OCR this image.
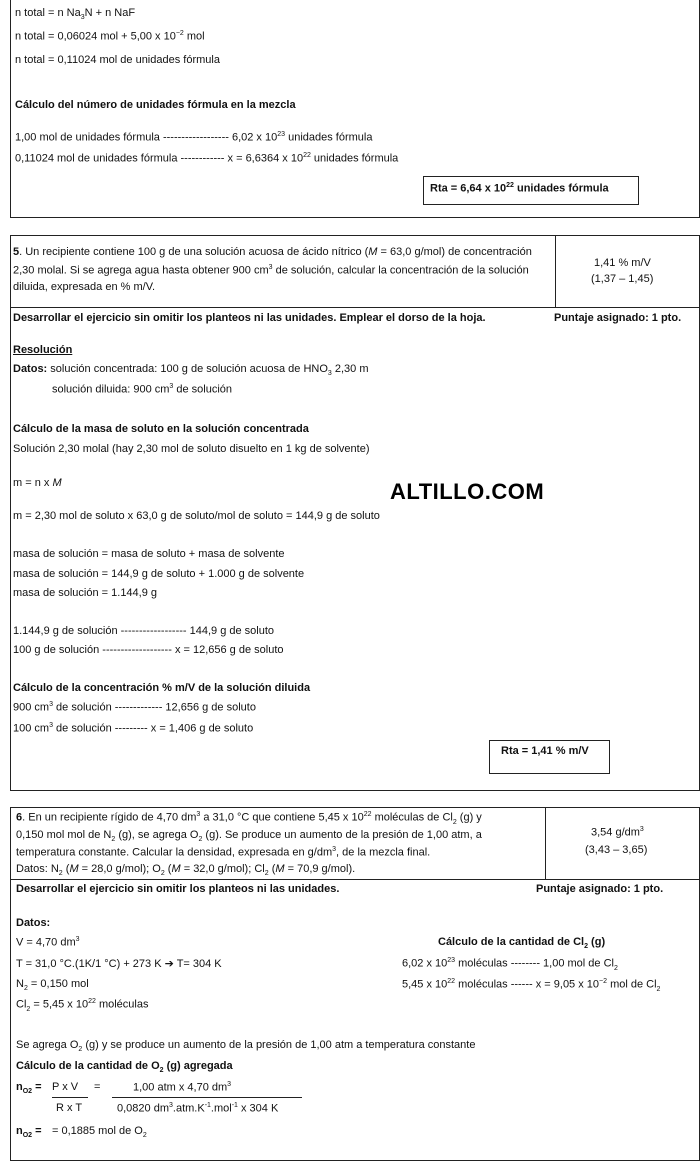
n total = n $Na_3N + n$ NaF
n total = 0,06024 mol + 5,00 x $10^{-2}$ mol
n total = 0,11024 mol de unidades fórmula
Cálculo del número de unidades fórmula en la mezcla
1,00 mol de unidades fórmula ------------------ 6,02 x $10^{23}$ unidades fórmula
0,11024 mol de unidades fórmula ------------ x = 6,6364 x $10^{22}$ unidades fórmula
Rta = 6,64 x $10^{22}$ unidades fórmula
5. Un recipiente contiene 100 g de una solución acuosa de ácido nítrico (M = 63,0 g/mol) de concentración 2,30 molal. Si se agrega agua hasta obtener 900 $cm^3$ de solución, calcular la concentración de la solución diluida, expresada en % m/V.
1,41 % m/V
(1,37 – 1,45)
Desarrollar el ejercicio sin omitir los planteos ni las unidades. Emplear el dorso de la hoja.	Puntaje asignado: 1 pto.
Resolución
Datos: solución concentrada: 100 g de solución acuosa de $HNO_3$ 2,30 m
solución diluida: 900 $cm^3$ de solución
Cálculo de la masa de soluto en la solución concentrada
Solución 2,30 molal (hay 2,30 mol de soluto disuelto en 1 kg de solvente)
m = n x M	ALTILLO.COM
m = 2,30 mol de soluto x 63,0 g de soluto/mol de soluto = 144,9 g de soluto
masa de solución = masa de soluto + masa de solvente
masa de solución = 144,9 g de soluto + 1.000 g de solvente
masa de solución = 1.144,9 g
1.144,9 g de solución ------------------ 144,9 g de soluto
100 g de solución ------------------- x = 12,656 g de soluto
Cálculo de la concentración % m/V de la solución diluida
900 $cm^3$ de solución ------------- 12,656 g de soluto
100 $cm^3$ de solución --------- x = 1,406 g de soluto
Rta = 1,41 % m/V
6. En un recipiente rígido de 4,70 $dm^3$ a 31,0 °C que contiene 5,45 x $10^{22}$ moléculas de $Cl_2$ (g) y
0,150 mol mol de $N_2$ (g), se agrega $O_2$ (g). Se produce un aumento de la presión de 1,00 atm, a
temperatura constante. Calcular la densidad, expresada en $g/dm^3$, de la mezcla final.
Datos: $N_2$ (M = 28,0 g/mol); $O_2$ (M = 32,0 g/mol); $Cl_2$ (M = 70,9 g/mol).
3,54 $g/dm^3$
(3,43 – 3,65)
Desarrollar el ejercicio sin omitir los planteos ni las unidades.	Puntaje asignado: 1 pto.
Datos:
V = 4,70 $dm^3$
T = 31,0 °C.(1K/1 °C) + 273 K ➔ T= 304 K
$N_2 = 0,150$ mol
$Cl_2 = 5,45$ x $10^{22}$ moléculas
Cálculo de la cantidad de $Cl_2$ (g)
6,02 x $10^{23}$ moléculas -------- 1,00 mol de $Cl_2$
5,45 x $10^{22}$ moléculas ------ x = 9,05 x $10^{-2}$ mol de $Cl_2$
Se agrega $O_2$ (g) y se produce un aumento de la presión de 1,00 atm a temperatura constante
Cálculo de la cantidad de $O_2$ (g) agregada
$n_{O2} = P$ x V
R x T
=	1,00 atm x 4,70 $dm^3$
0,0820 $dm^3.atm.K^{-1}.mol^{-1}$ x 304 K
$n_{O2}$ = = 0,1885 mol de $O_2$
